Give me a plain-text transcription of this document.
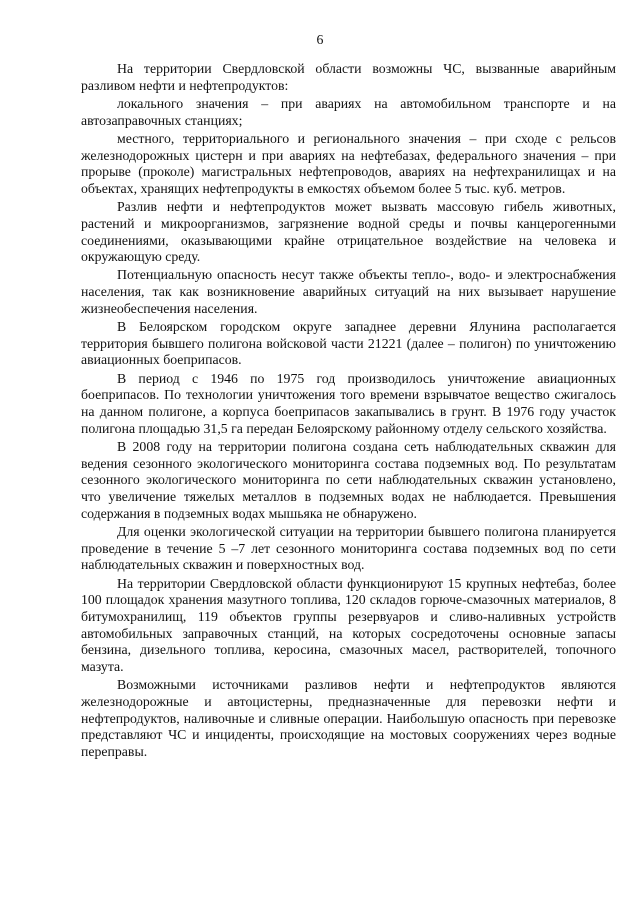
6

На территории Свердловской области возможны ЧС, вызванные аварийным разливом нефти и нефтепродуктов:

локального значения – при авариях на автомобильном транспорте и на автозаправочных станциях;

местного, территориального и регионального значения – при сходе с рельсов железнодорожных цистерн и при авариях на нефтебазах, федерального значения – при прорыве (проколе) магистральных нефтепроводов, авариях на нефтехранилищах и на объектах, хранящих нефтепродукты в емкостях объемом более 5 тыс. куб. метров.

Разлив нефти и нефтепродуктов может вызвать массовую гибель животных, растений и микроорганизмов, загрязнение водной среды и почвы канцерогенными соединениями, оказывающими крайне отрицательное воздействие на человека и окружающую среду.

Потенциальную опасность несут также объекты тепло-, водо- и электроснабжения населения, так как возникновение аварийных ситуаций на них вызывает нарушение жизнеобеспечения населения.

В Белоярском городском округе западнее деревни Ялунина располагается территория бывшего полигона войсковой части 21221 (далее – полигон) по уничтожению авиационных боеприпасов.

В период с 1946 по 1975 год производилось уничтожение авиационных боеприпасов. По технологии уничтожения того времени взрывчатое вещество сжигалось на данном полигоне, а корпуса боеприпасов закапывались в грунт. В 1976 году участок полигона площадью 31,5 га передан Белоярскому районному отделу сельского хозяйства.

В 2008 году на территории полигона создана сеть наблюдательных скважин для ведения сезонного экологического мониторинга состава подземных вод. По результатам сезонного экологического мониторинга по сети наблюдательных скважин установлено, что увеличение тяжелых металлов в подземных водах не наблюдается. Превышения содержания в подземных водах мышьяка не обнаружено.

Для оценки экологической ситуации на территории бывшего полигона планируется проведение в течение 5 –7 лет сезонного мониторинга состава подземных вод по сети наблюдательных скважин и поверхностных вод.

На территории Свердловской области функционируют 15 крупных нефтебаз, более 100 площадок хранения мазутного топлива, 120 складов горюче-смазочных материалов, 8 битумохранилищ, 119 объектов группы резервуаров и сливо-наливных устройств автомобильных заправочных станций, на которых сосредоточены основные запасы бензина, дизельного топлива, керосина, смазочных масел, растворителей, топочного мазута.

Возможными источниками разливов нефти и нефтепродуктов являются железнодорожные и автоцистерны, предназначенные для перевозки нефти и нефтепродуктов, наливочные и сливные операции. Наибольшую опасность при перевозке представляют ЧС и инциденты, происходящие на мостовых сооружениях через водные переправы.
